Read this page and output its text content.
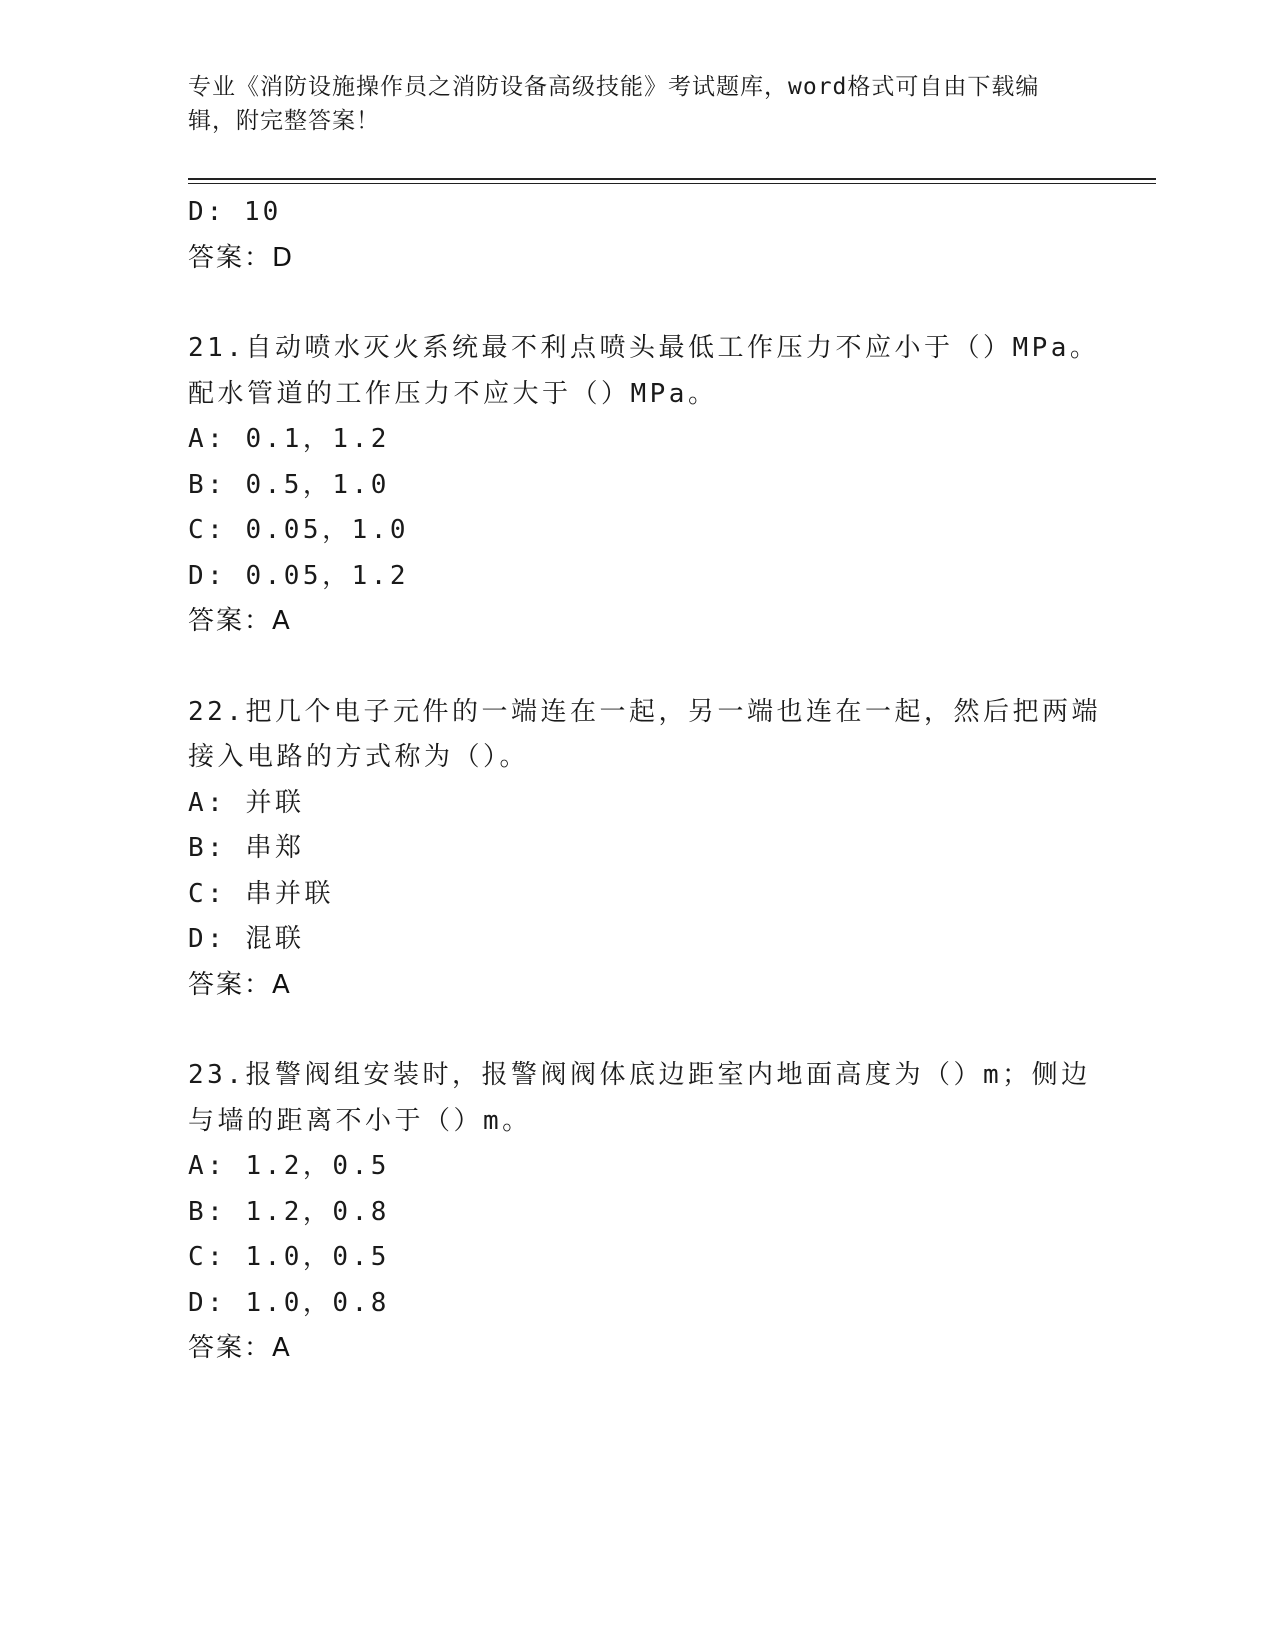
专业《消防设施操作员之消防设备高级技能》考试题库，word格式可自由下载编
辑，附完整答案！
D: 10
答案：D
21.自动喷水灭火系统最不利点喷头最低工作压力不应小于（）MPa。
配水管道的工作压力不应大于（）MPa。
A: 0.1，1.2
B: 0.5，1.0
C: 0.05，1.0
D: 0.05，1.2
答案：A
22.把几个电子元件的一端连在一起，另一端也连在一起，然后把两端
接入电路的方式称为（）。
A: 并联
B: 串郑
C: 串并联
D: 混联
答案：A
23.报警阀组安装时，报警阀阀体底边距室内地面高度为（）m；侧边
与墙的距离不小于（）m。
A: 1.2，0.5
B: 1.2，0.8
C: 1.0，0.5
D: 1.0，0.8
答案：A
